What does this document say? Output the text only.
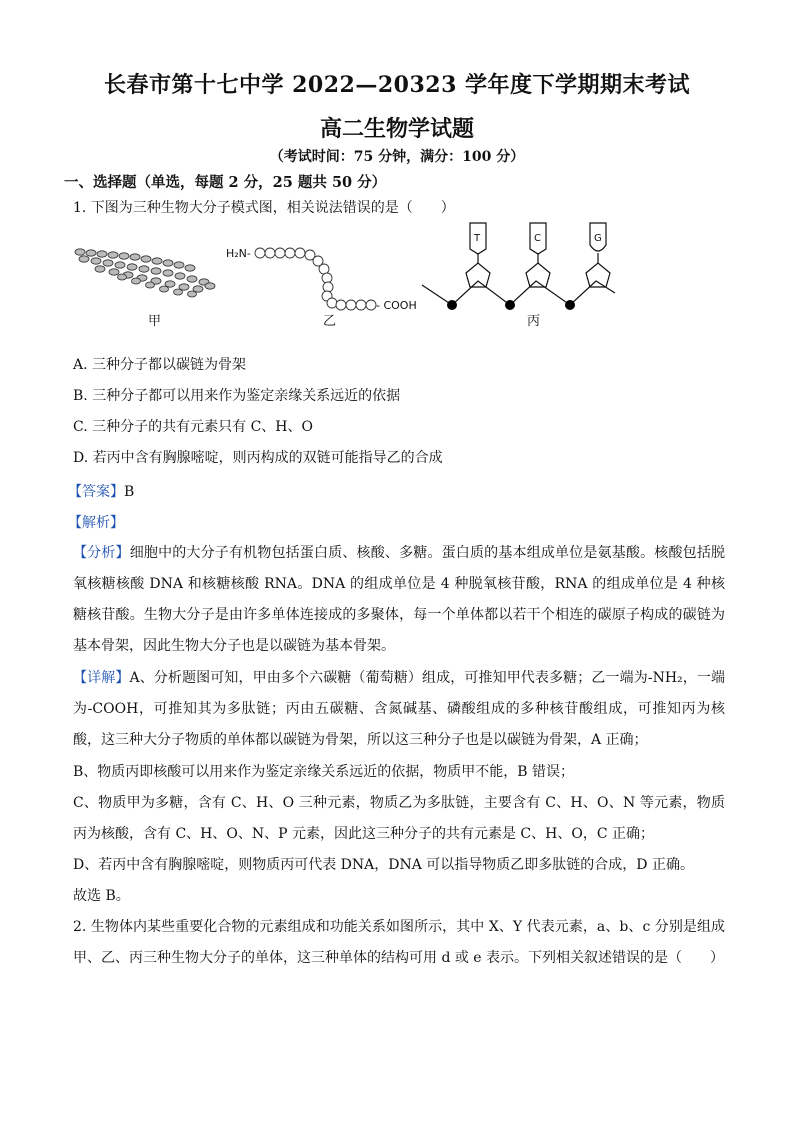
长春市第十七中学 2022—20323 学年度下学期期末考试
高二生物学试题
（考试时间：75 分钟，满分：100 分）
一、选择题（单选，每题 2 分，25 题共 50 分）
1. 下图为三种生物大分子模式图，相关说法错误的是（　　）
甲
H₂N-
- COOH
乙
T	C	G
丙
A. 三种分子都以碳链为骨架
B. 三种分子都可以用来作为鉴定亲缘关系远近的依据
C. 三种分子的共有元素只有 C、H、O
D. 若丙中含有胸腺嘧啶，则丙构成的双链可能指导乙的合成
【答案】B
【解析】
【分析】细胞中的大分子有机物包括蛋白质、核酸、多糖。蛋白质的基本组成单位是氨基酸。核酸包括脱氧核糖核酸 DNA 和核糖核酸 RNA。DNA 的组成单位是 4 种脱氧核苷酸，RNA 的组成单位是 4 种核糖核苷酸。生物大分子是由许多单体连接成的多聚体，每一个单体都以若干个相连的碳原子构成的碳链为基本骨架，因此生物大分子也是以碳链为基本骨架。
【详解】A、分析题图可知，甲由多个六碳糖（葡萄糖）组成，可推知甲代表多糖；乙一端为-NH₂，一端为-COOH，可推知其为多肽链；丙由五碳糖、含氮碱基、磷酸组成的多种核苷酸组成，可推知丙为核酸，这三种大分子物质的单体都以碳链为骨架，所以这三种分子也是以碳链为骨架，A 正确；
B、物质丙即核酸可以用来作为鉴定亲缘关系远近的依据，物质甲不能，B 错误；
C、物质甲为多糖，含有 C、H、O 三种元素，物质乙为多肽链，主要含有 C、H、O、N 等元素，物质丙为核酸，含有 C、H、O、N、P 元素，因此这三种分子的共有元素是 C、H、O，C 正确；
D、若丙中含有胸腺嘧啶，则物质丙可代表 DNA，DNA 可以指导物质乙即多肽链的合成，D 正确。
故选 B。
2. 生物体内某些重要化合物的元素组成和功能关系如图所示，其中 X、Y 代表元素，a、b、c 分别是组成甲、乙、丙三种生物大分子的单体，这三种单体的结构可用 d 或 e 表示。下列相关叙述错误的是（　　）
